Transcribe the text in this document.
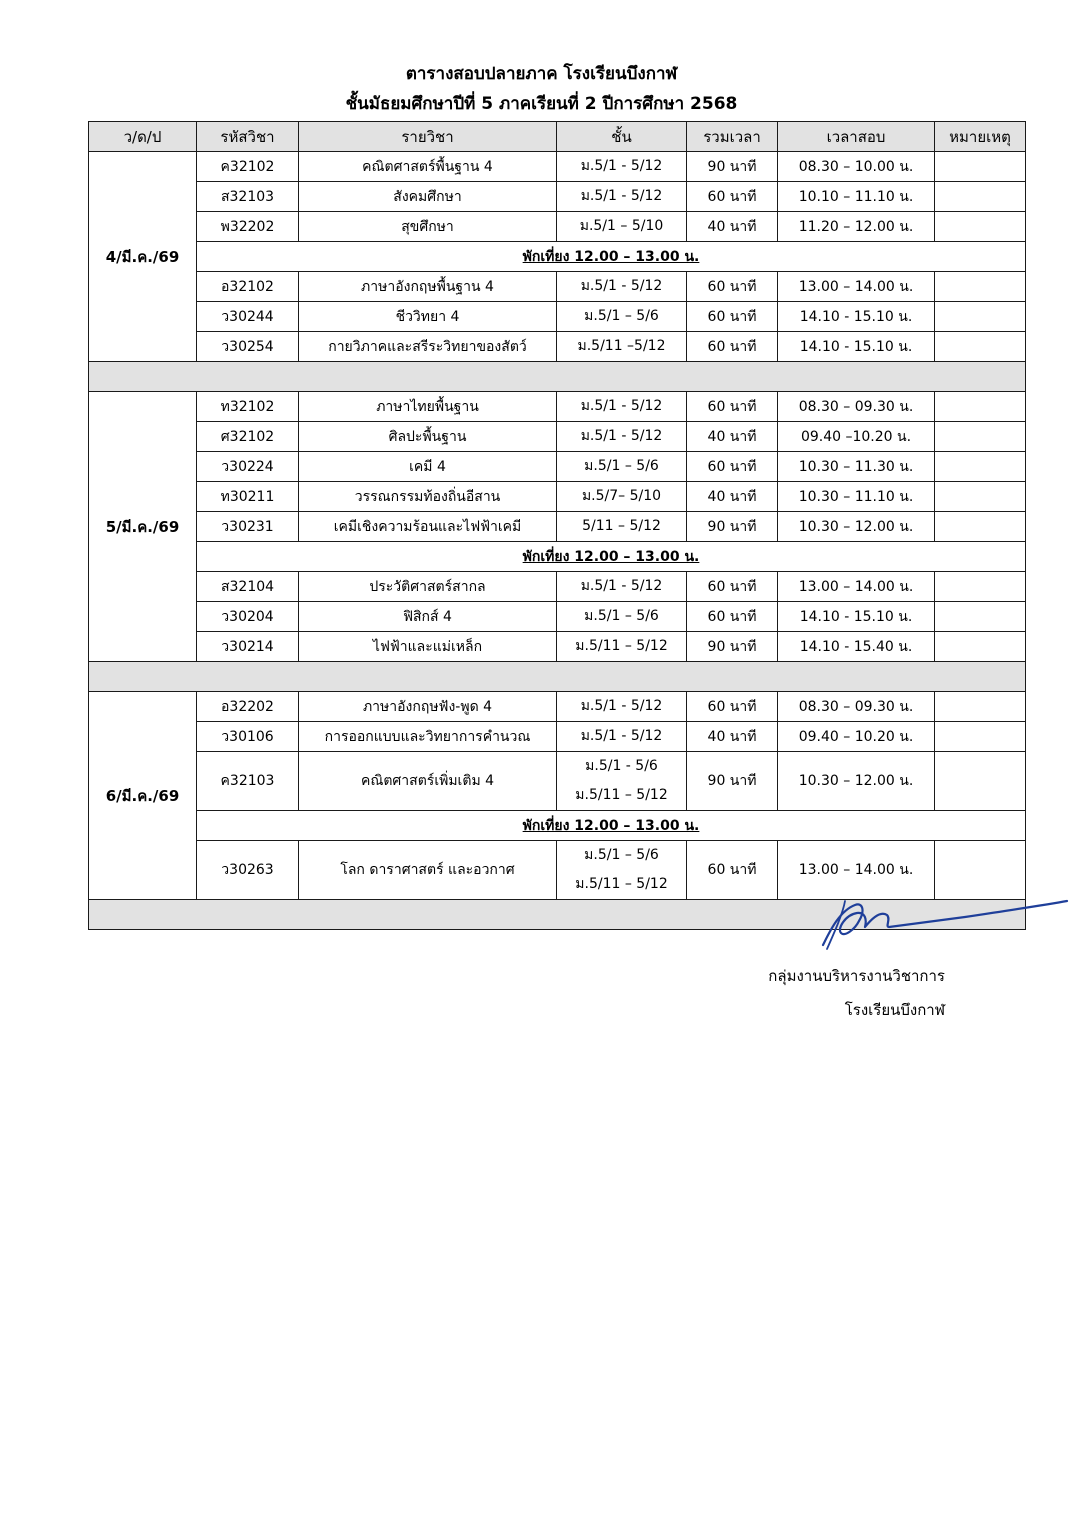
ตารางสอบปลายภาค โรงเรียนบึงกาฬ
ชั้นมัธยมศึกษาปีที่ 5 ภาคเรียนที่ 2 ปีการศึกษา 2568
ว/ด/ป	รหัสวิชา	รายวิชา	ชั้น	รวมเวลา	เวลาสอบ	หมายเหตุ
4/มี.ค./69	ค32102	คณิตศาสตร์พื้นฐาน 4	ม.5/1 - 5/12	90 นาที	08.30 – 10.00 น.	
	ส32103	สังคมศึกษา	ม.5/1 - 5/12	60 นาที	10.10 – 11.10 น.	
	พ32202	สุขศึกษา	ม.5/1 – 5/10	40 นาที	11.20 – 12.00 น.	
	พักเที่ยง 12.00 – 13.00 น.					
	อ32102	ภาษาอังกฤษพื้นฐาน 4	ม.5/1 - 5/12	60 นาที	13.00 – 14.00 น.	
	ว30244	ชีววิทยา 4	ม.5/1 – 5/6	60 นาที	14.10 - 15.10 น.	
	ว30254	กายวิภาคและสรีระวิทยาของสัตว์	ม.5/11 –5/12	60 นาที	14.10 - 15.10 น.	

5/มี.ค./69	ท32102	ภาษาไทยพื้นฐาน	ม.5/1 - 5/12	60 นาที	08.30 – 09.30 น.	
	ศ32102	ศิลปะพื้นฐาน	ม.5/1 - 5/12	40 นาที	09.40 –10.20 น.	
	ว30224	เคมี 4	ม.5/1 – 5/6	60 นาที	10.30 – 11.30 น.	
	ท30211	วรรณกรรมท้องถิ่นอีสาน	ม.5/7– 5/10	40 นาที	10.30 – 11.10 น.	
	ว30231	เคมีเชิงความร้อนและไฟฟ้าเคมี	5/11 – 5/12	90 นาที	10.30 – 12.00 น.	
	พักเที่ยง 12.00 – 13.00 น.					
	ส32104	ประวัติศาสตร์สากล	ม.5/1 - 5/12	60 นาที	13.00 – 14.00 น.	
	ว30204	ฟิสิกส์ 4	ม.5/1 – 5/6	60 นาที	14.10 - 15.10 น.	
	ว30214	ไฟฟ้าและแม่เหล็ก	ม.5/11 – 5/12	90 นาที	14.10 - 15.40 น.	

6/มี.ค./69	อ32202	ภาษาอังกฤษฟัง-พูด 4	ม.5/1 - 5/12	60 นาที	08.30 – 09.30 น.	
	ว30106	การออกแบบและวิทยาการคำนวณ	ม.5/1 - 5/12	40 นาที	09.40 – 10.20 น.	
	ค32103	คณิตศาสตร์เพิ่มเติม 4	ม.5/1 - 5/6
ม.5/11 – 5/12	90 นาที	10.30 – 12.00 น.	
	พักเที่ยง 12.00 – 13.00 น.					
	ว30263	โลก ดาราศาสตร์ และอวกาศ	ม.5/1 – 5/6
ม.5/11 – 5/12	60 นาที	13.00 – 14.00 น.	

กลุ่มงานบริหารงานวิชาการ
โรงเรียนบึงกาฬ
